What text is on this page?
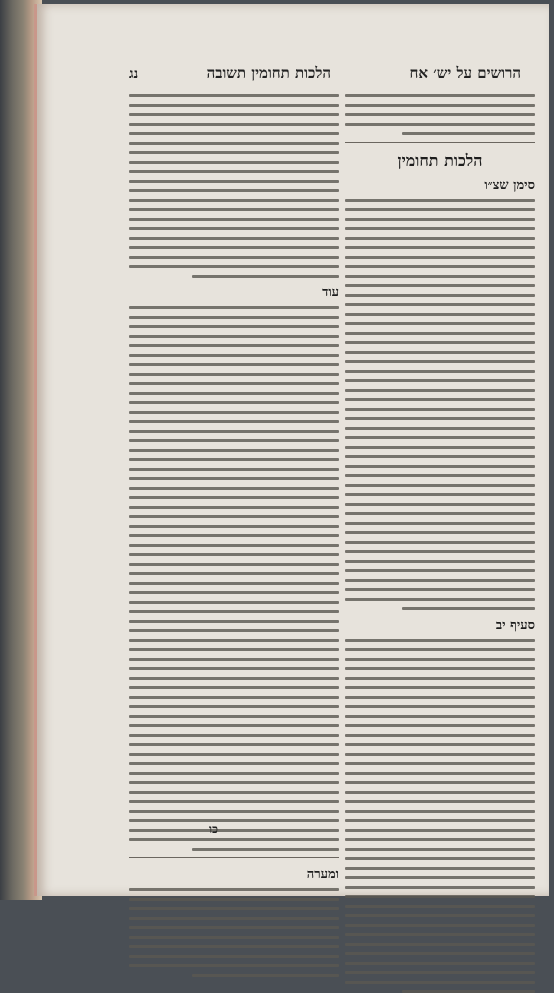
הרושים על יש׳ אח
הלכות תחומין תשובה
נג
עוד
ומערה
הלכות תחומין
סימן שצ״ו
סעיף יב
כו
